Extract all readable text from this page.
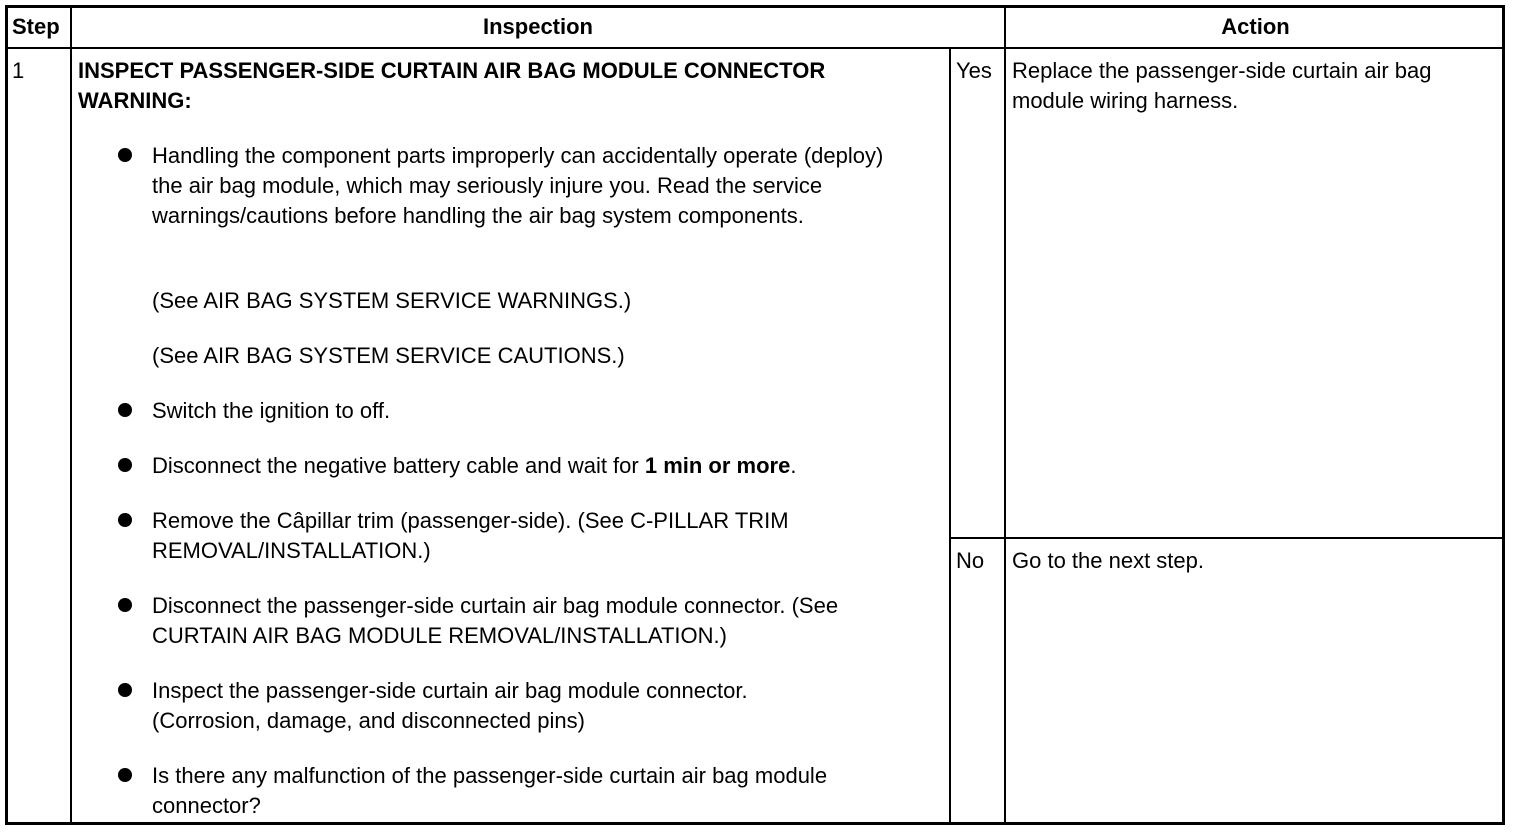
Step	Inspection	Action
1 INSPECT PASSENGER-SIDE CURTAIN AIR BAG MODULE CONNECTOR
WARNING:
Handling the component parts improperly can accidentally operate (deploy) the air bag module, which may seriously injure you. Read the service warnings/cautions before handling the air bag system components.
(See AIR BAG SYSTEM SERVICE WARNINGS.)
(See AIR BAG SYSTEM SERVICE CAUTIONS.)
Switch the ignition to off.
Disconnect the negative battery cable and wait for 1 min or more.
Remove the Câpillar trim (passenger-side). (See C-PILLAR TRIM REMOVAL/INSTALLATION.)
Disconnect the passenger-side curtain air bag module connector. (See CURTAIN AIR BAG MODULE REMOVAL/INSTALLATION.)
Inspect the passenger-side curtain air bag module connector. (Corrosion, damage, and disconnected pins)
Is there any malfunction of the passenger-side curtain air bag module connector?
Yes Replace the passenger-side curtain air bag module wiring harness.
No Go to the next step.
